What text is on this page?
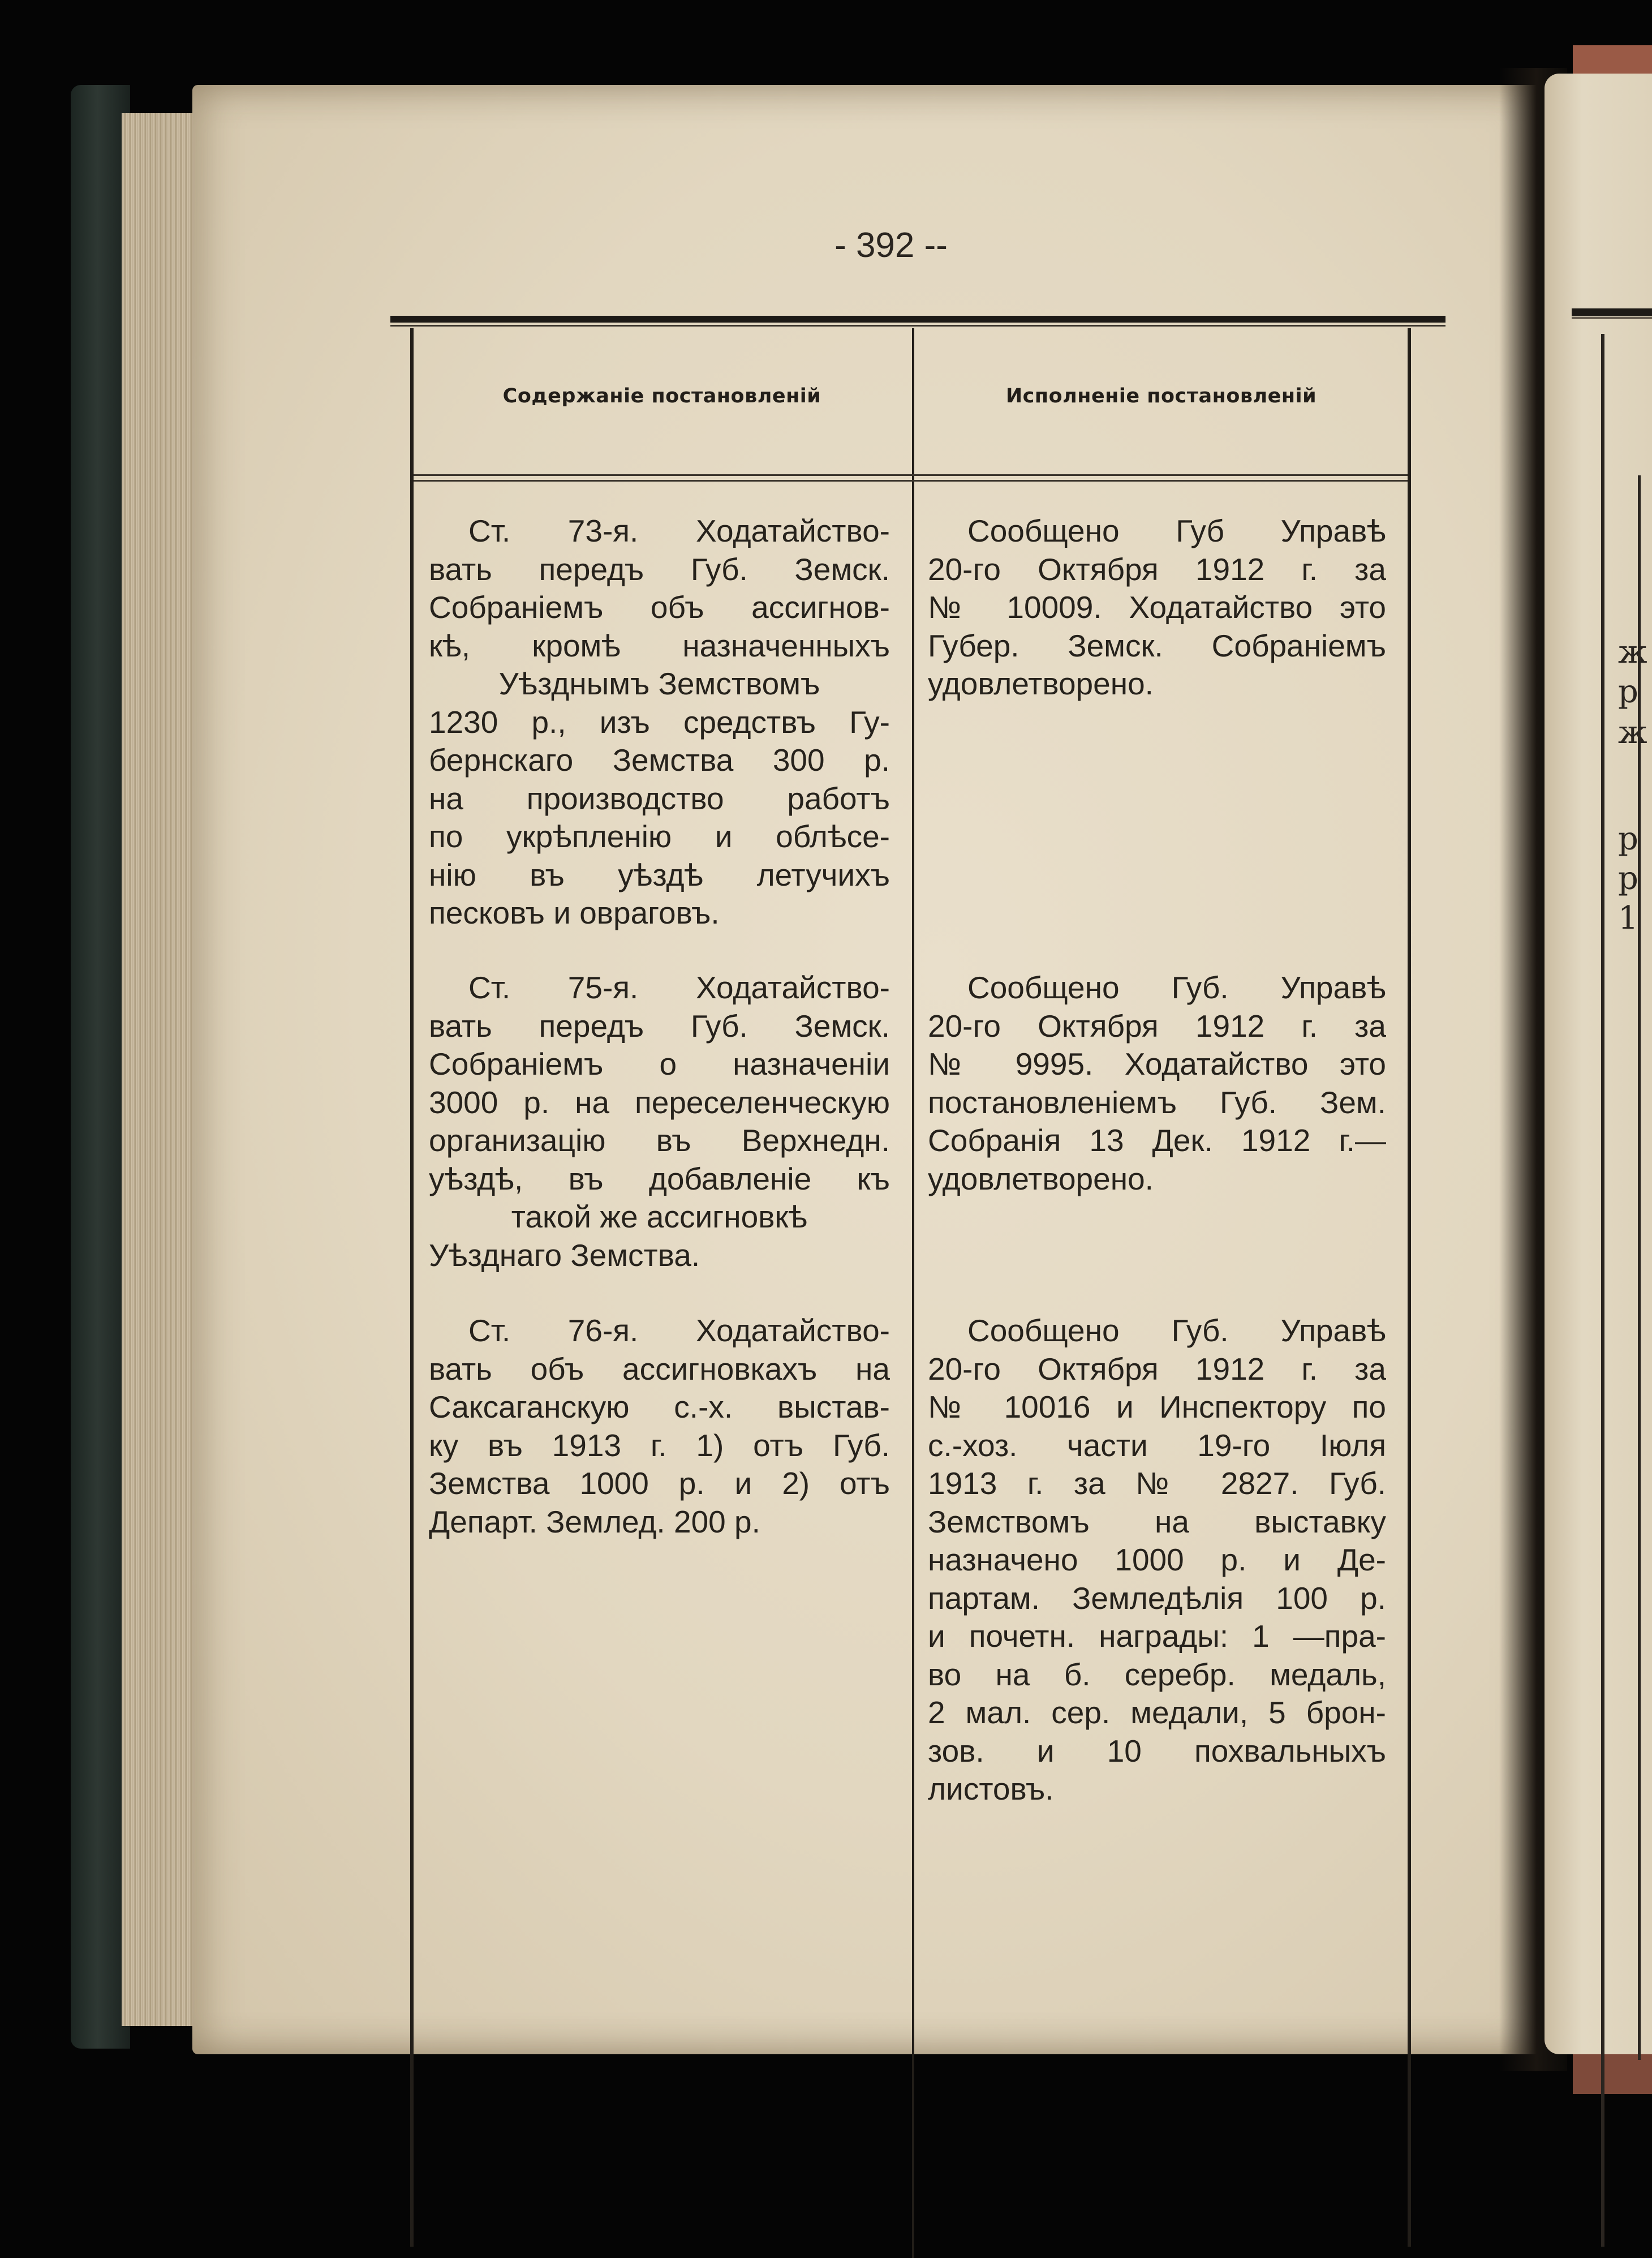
ж
р
ж
р
р
1
- 392 --
Содержаніе постановленій	Исполненіе постановленій
Ст. 73-я. Ходатайство-
вать передъ Губ. Земск.
Собраніемъ объ ассигнов-
кѣ, кромѣ назначенныхъ
Уѣзднымъ Земствомъ
1230 р., изъ средствъ Гу-
бернскаго Земства 300 р.
на производство работъ
по укрѣпленію и облѣсе-
нію въ уѣздѣ летучихъ
песковъ и овраговъ.
Сообщено Губ Управѣ
20-го Октября 1912 г. за
№ 10009. Ходатайство это
Губер. Земск. Собраніемъ
удовлетворено.
Ст. 75-я. Ходатайство-
вать передъ Губ. Земск.
Собраніемъ о назначеніи
3000 р. на переселенческую
организацію въ Верхнедн.
уѣздѣ, въ добавленіе къ
такой же ассигновкѣ
Уѣзднаго Земства.
Сообщено Губ. Управѣ
20-го Октября 1912 г. за
№ 9995. Ходатайство это
постановленіемъ Губ. Зем.
Собранія 13 Дек. 1912 г.—
удовлетворено.
Ст. 76-я. Ходатайство-
вать объ ассигновкахъ на
Саксаганскую с.-х. выстав-
ку въ 1913 г. 1) отъ Губ.
Земства 1000 р. и 2) отъ
Департ. Землед. 200 р.
Сообщено Губ. Управѣ
20-го Октября 1912 г. за
№ 10016 и Инспектору по
с.-хоз. части 19-го Іюля
1913 г. за № 2827. Губ.
Земствомъ на выставку
назначено 1000 р. и Де-
партам. Земледѣлія 100 р.
и почетн. награды: 1 —пра-
во на б. серебр. медаль,
2 мал. сер. медали, 5 брон-
зов. и 10 похвальныхъ
листовъ.
